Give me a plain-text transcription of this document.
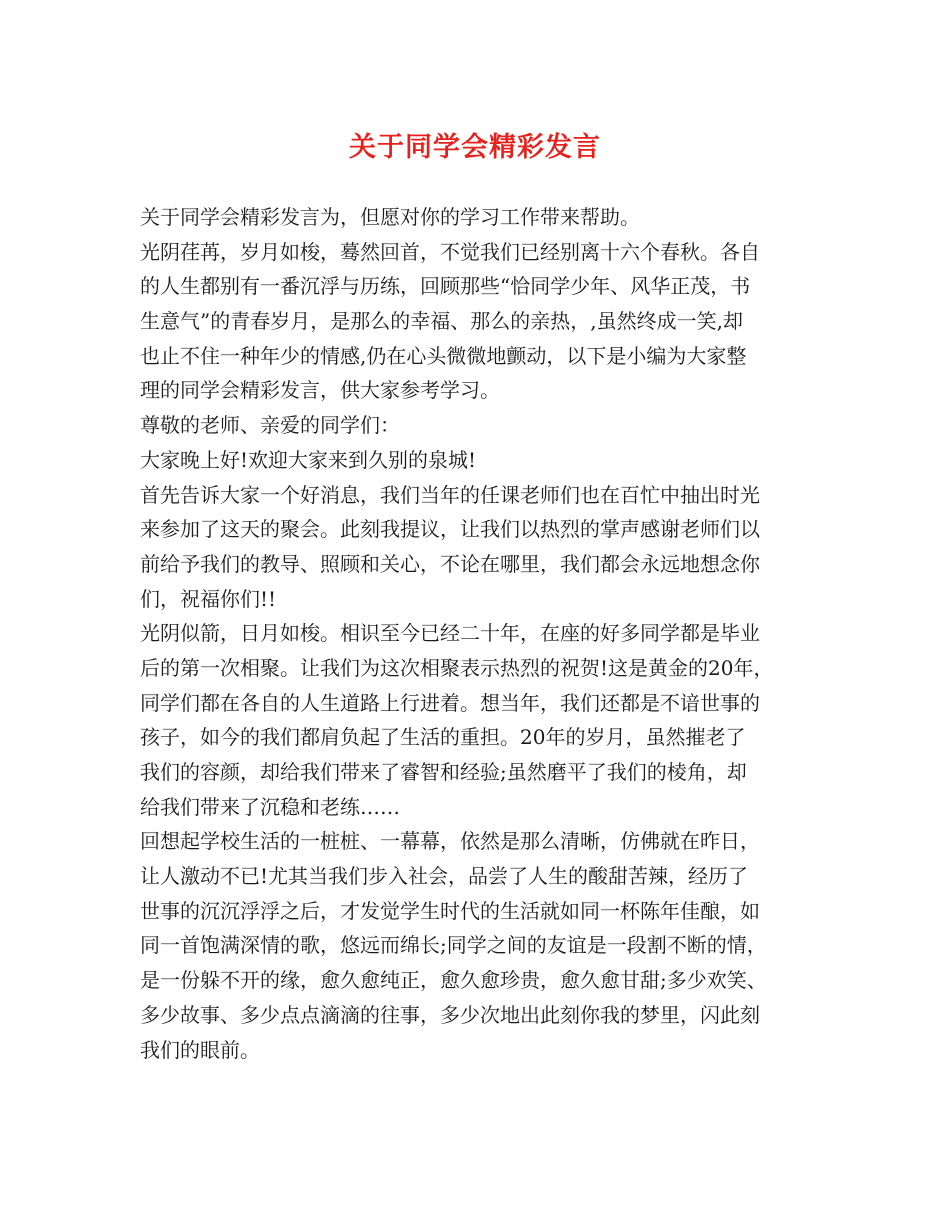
关于同学会精彩发言
关于同学会精彩发言为，但愿对你的学习工作带来帮助。
光阴荏苒，岁月如梭，蓦然回首，不觉我们已经别离十六个春秋。各自
的人生都别有一番沉浮与历练，回顾那些“恰同学少年、风华正茂，书
生意气”的青春岁月，是那么的幸福、那么的亲热，,虽然终成一笑,却
也止不住一种年少的情感,仍在心头微微地颤动，以下是小编为大家整
理的同学会精彩发言，供大家参考学习。
尊敬的老师、亲爱的同学们：
大家晚上好!欢迎大家来到久别的泉城!
首先告诉大家一个好消息，我们当年的任课老师们也在百忙中抽出时光
来参加了这天的聚会。此刻我提议，让我们以热烈的掌声感谢老师们以
前给予我们的教导、照顾和关心，不论在哪里，我们都会永远地想念你
们，祝福你们!!
光阴似箭，日月如梭。相识至今已经二十年，在座的好多同学都是毕业
后的第一次相聚。让我们为这次相聚表示热烈的祝贺!这是黄金的20年，
同学们都在各自的人生道路上行进着。想当年，我们还都是不谙世事的
孩子，如今的我们都肩负起了生活的重担。20年的岁月，虽然摧老了
我们的容颜，却给我们带来了睿智和经验;虽然磨平了我们的棱角，却
给我们带来了沉稳和老练……
回想起学校生活的一桩桩、一幕幕，依然是那么清晰，仿佛就在昨日，
让人激动不已!尤其当我们步入社会，品尝了人生的酸甜苦辣，经历了
世事的沉沉浮浮之后，才发觉学生时代的生活就如同一杯陈年佳酿，如
同一首饱满深情的歌，悠远而绵长;同学之间的友谊是一段割不断的情，
是一份躲不开的缘，愈久愈纯正，愈久愈珍贵，愈久愈甘甜;多少欢笑、
多少故事、多少点点滴滴的往事，多少次地出此刻你我的梦里，闪此刻
我们的眼前。
